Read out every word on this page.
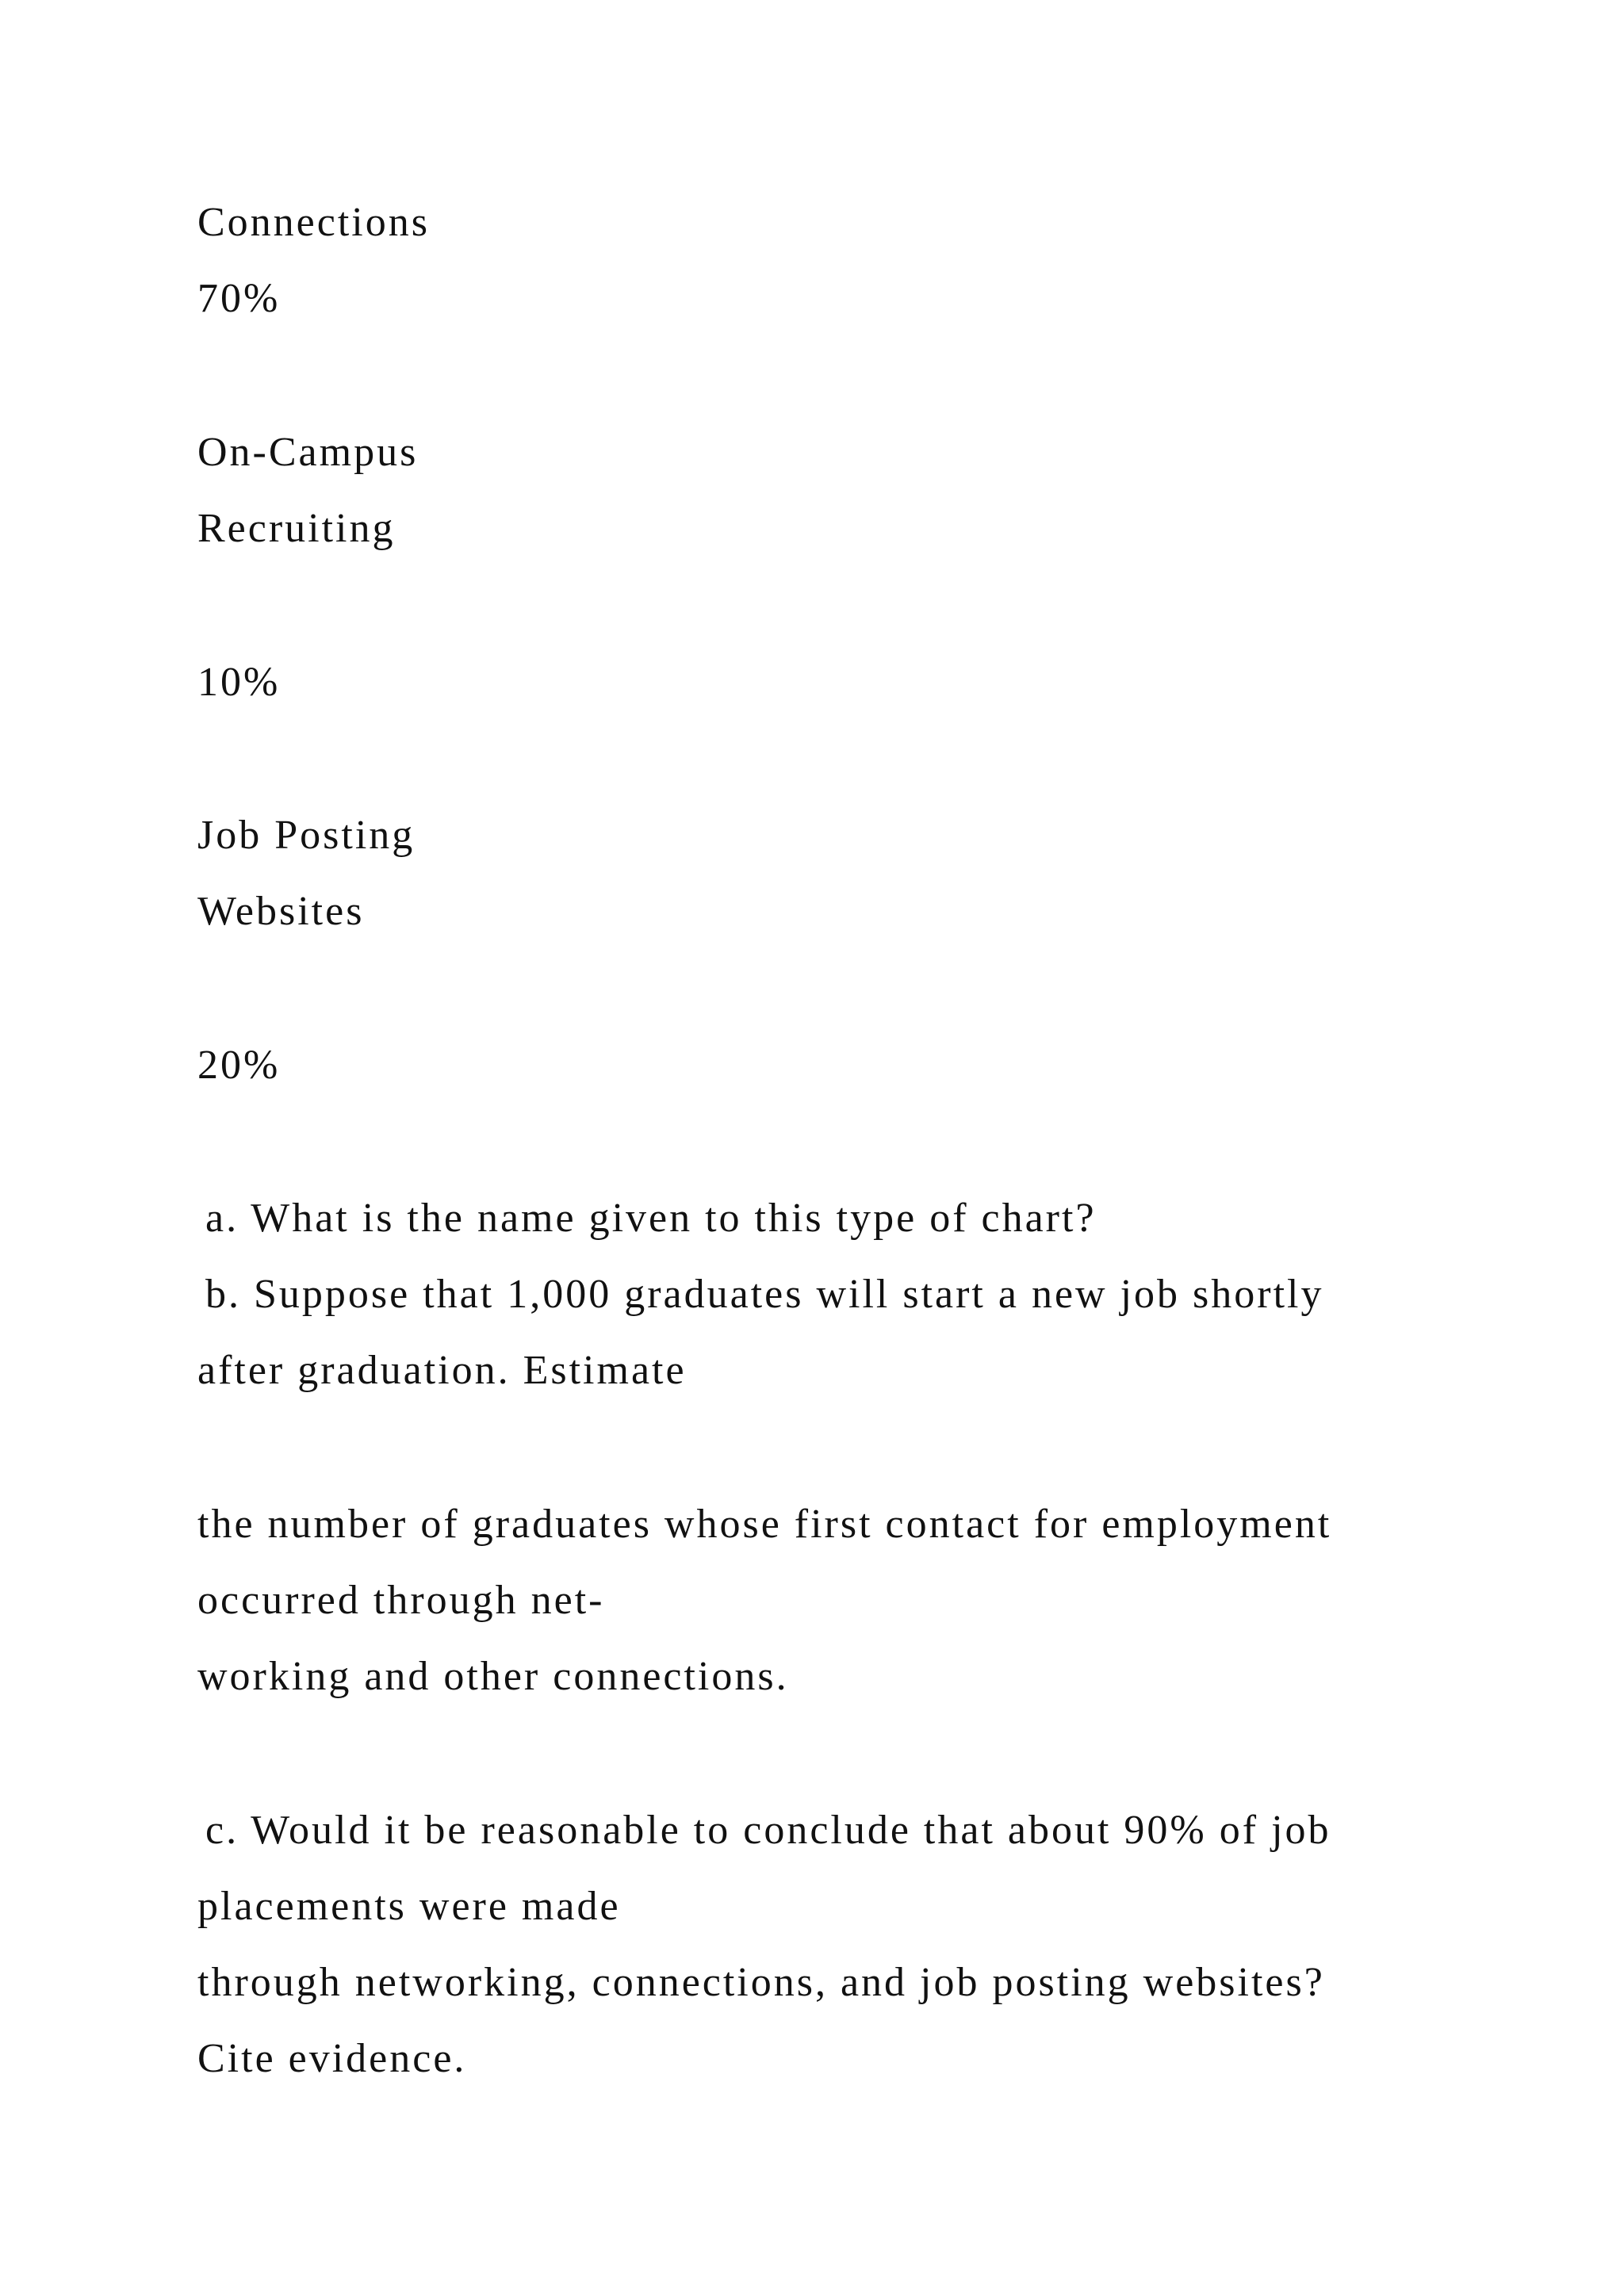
Connections

70%

On-Campus

Recruiting

10%

Job Posting

Websites

20%

a. What is the name given to this type of chart?

b. Suppose that 1,000 graduates will start a new job shortly

after graduation. Estimate

the number of graduates whose first contact for employment

occurred through net-

working and other connections.

c. Would it be reasonable to conclude that about 90% of job

placements were made

through networking, connections, and job posting websites?

Cite evidence.
